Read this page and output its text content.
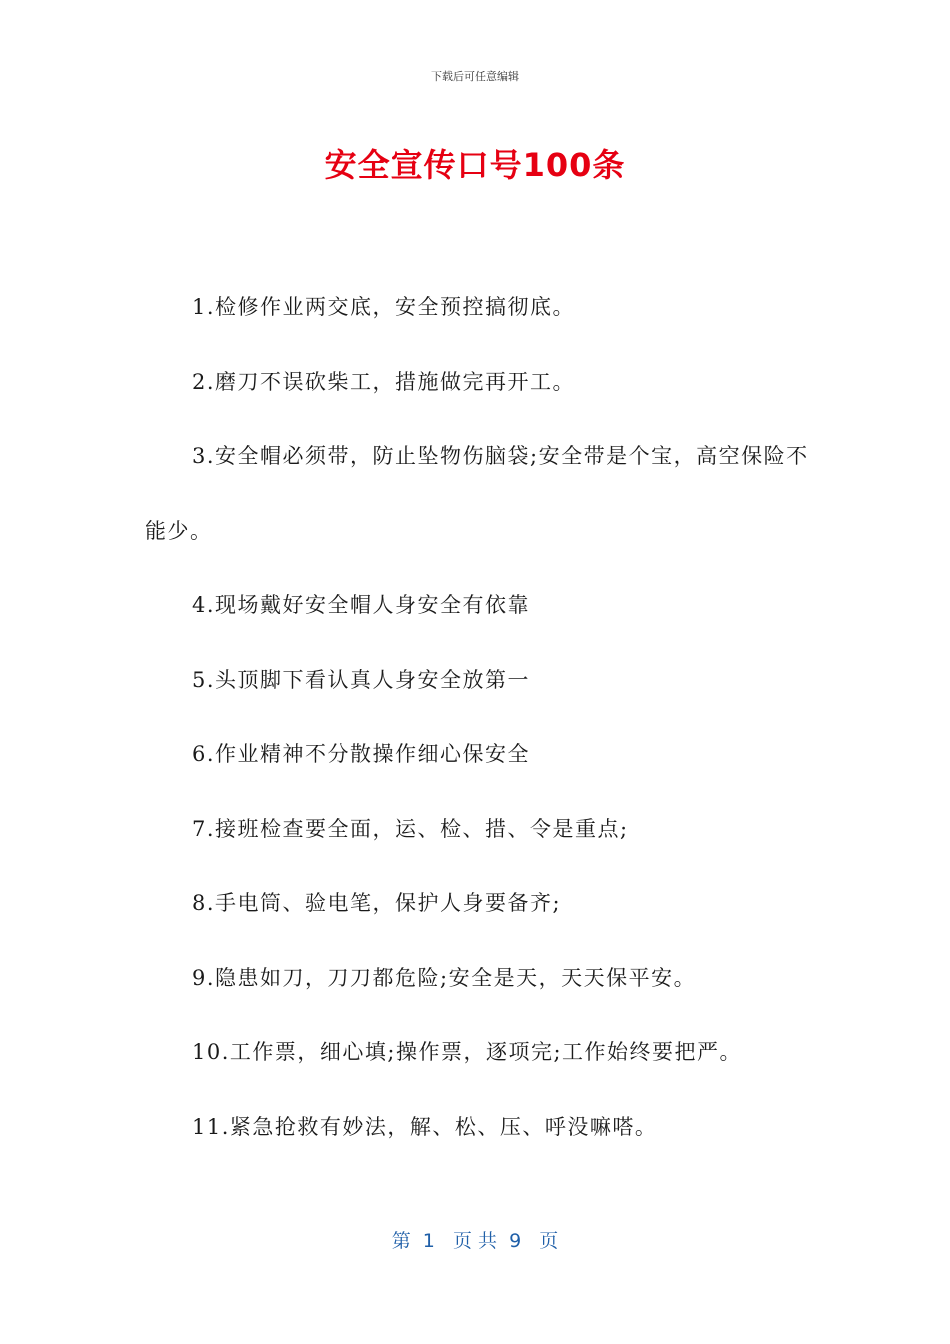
下载后可任意编辑
安全宣传口号100条

1.检修作业两交底，安全预控搞彻底。

2.磨刀不误砍柴工，措施做完再开工。

3.安全帽必须带，防止坠物伤脑袋;安全带是个宝，高空保险不能少。

4.现场戴好安全帽人身安全有依靠

5.头顶脚下看认真人身安全放第一

6.作业精神不分散操作细心保安全

7.接班检查要全面，运、检、措、令是重点;

8.手电筒、验电笔，保护人身要备齐;

9.隐患如刀，刀刀都危险;安全是天，天天保平安。

10.工作票，细心填;操作票，逐项完;工作始终要把严。

11.紧急抢救有妙法，解、松、压、呼没嘛嗒。

第  1   页 共  9   页
